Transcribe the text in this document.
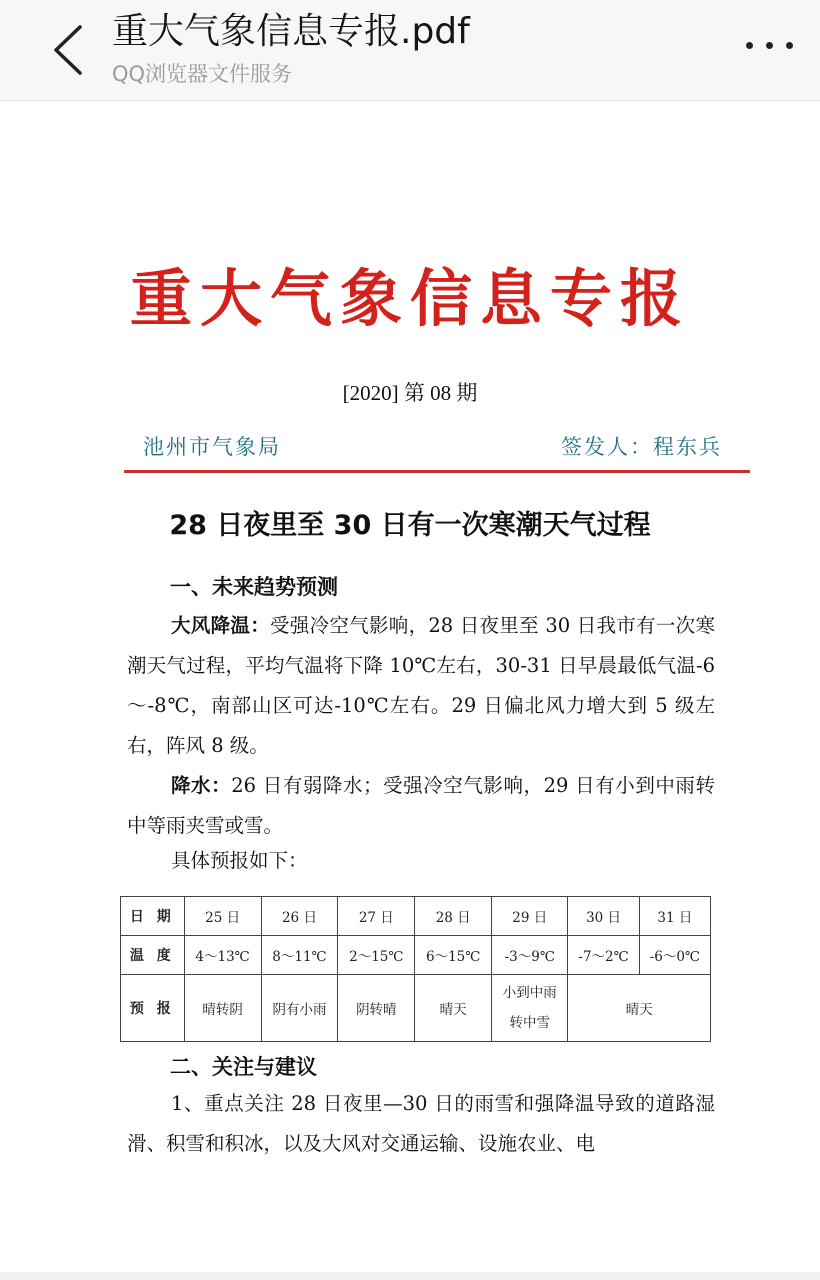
重大气象信息专报.pdf
QQ浏览器文件服务
重大气象信息专报
[2020] 第 08 期
池州市气象局	签发人：程东兵
28 日夜里至 30 日有一次寒潮天气过程
一、未来趋势预测
大风降温：受强冷空气影响，28 日夜里至 30 日我市有一次寒潮天气过程，平均气温将下降 10℃左右，30-31 日早晨最低气温-6～-8℃，南部山区可达-10℃左右。29 日偏北风力增大到 5 级左右，阵风 8 级。
降水：26 日有弱降水；受强冷空气影响，29 日有小到中雨转中等雨夹雪或雪。
具体预报如下：
日 期	25 日	26 日	27 日	28 日	29 日	30 日	31 日
温 度	4～13℃	8～11℃	2～15℃	6～15℃	-3～9℃	-7～2℃	-6～0℃
预 报	晴转阴	阴有小雨	阴转晴	晴天	小到中雨
转中雪	晴天	
二、关注与建议
1、重点关注 28 日夜里—30 日的雨雪和强降温导致的道路湿滑、积雪和积冰，以及大风对交通运输、设施农业、电
